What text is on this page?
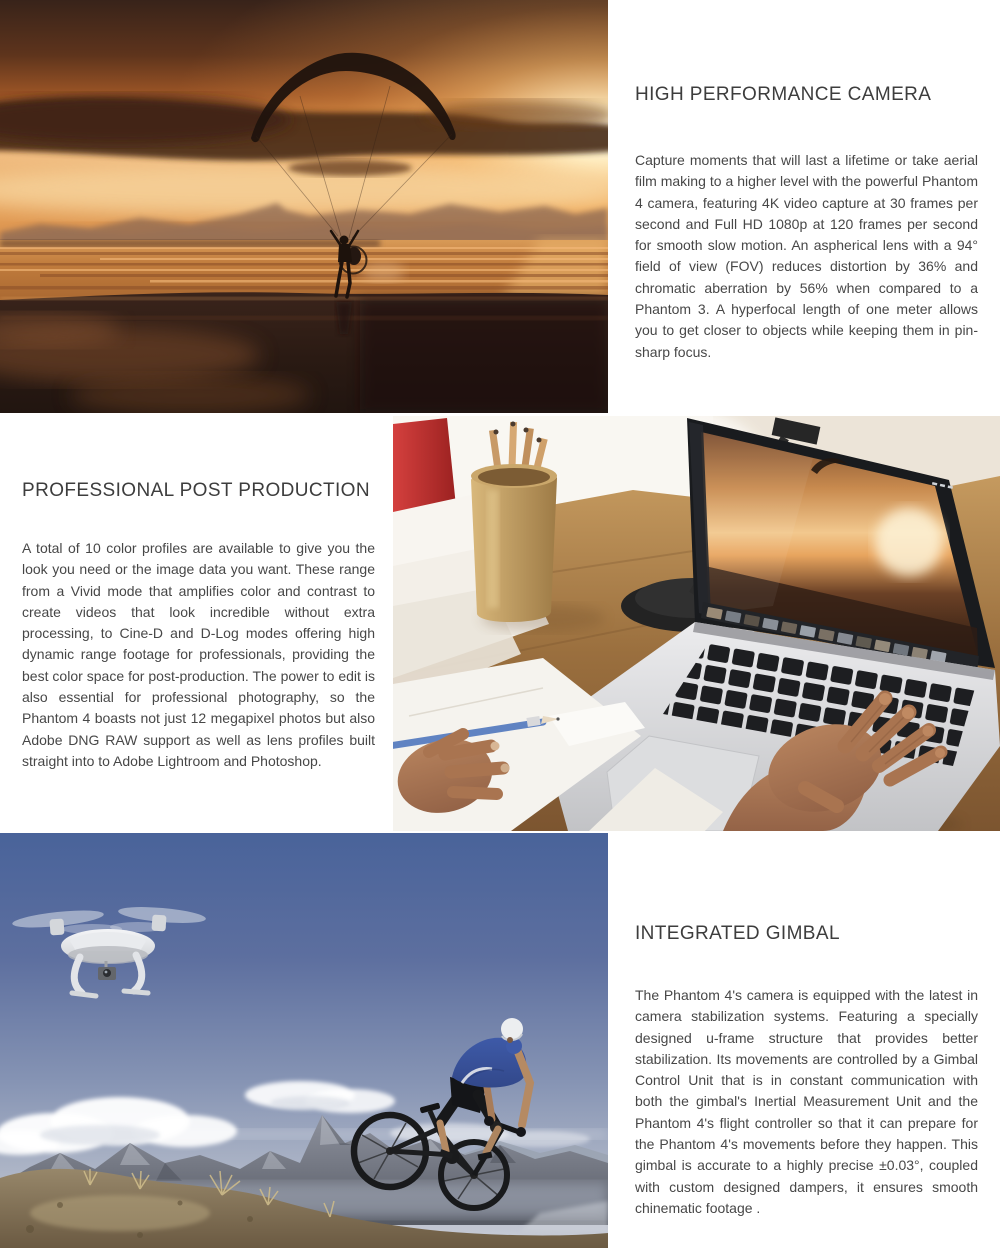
HIGH PERFORMANCE CAMERA

Capture moments that will last a lifetime or take aerial film making to a higher level with the powerful Phantom 4 camera, featuring 4K video capture at 30 frames per second and Full HD 1080p at 120 frames per second for smooth slow motion. An aspherical lens with a 94° field of view (FOV) reduces distortion by 36% and chromatic aberration by 56% when compared to a Phantom 3. A hyperfocal length of one meter allows you to get closer to objects while keeping them in pin-sharp focus.

PROFESSIONAL POST PRODUCTION

A total of 10 color profiles are available to give you the look you need or the image data you want. These range from a Vivid mode that amplifies color and contrast to create videos that look incredible without extra processing, to Cine-D and D-Log modes offering high dynamic range footage for professionals, providing the best color space for post-production. The power to edit is also essential for professional photography, so the Phantom 4 boasts not just 12 megapixel photos but also Adobe DNG RAW support as well as lens profiles built straight into to Adobe Lightroom and Photoshop.

INTEGRATED GIMBAL

The Phantom 4's camera is equipped with the latest in camera stabilization systems. Featuring a specially designed u-frame structure that provides better stabilization. Its movements are controlled by a Gimbal Control Unit that is in constant communication with both the gimbal's Inertial Measurement Unit and the Phantom 4's flight controller so that it can prepare for the Phantom 4's movements before they happen. This gimbal is accurate to a highly precise ±0.03°, coupled with custom designed dampers, it ensures smooth chinematic footage .
